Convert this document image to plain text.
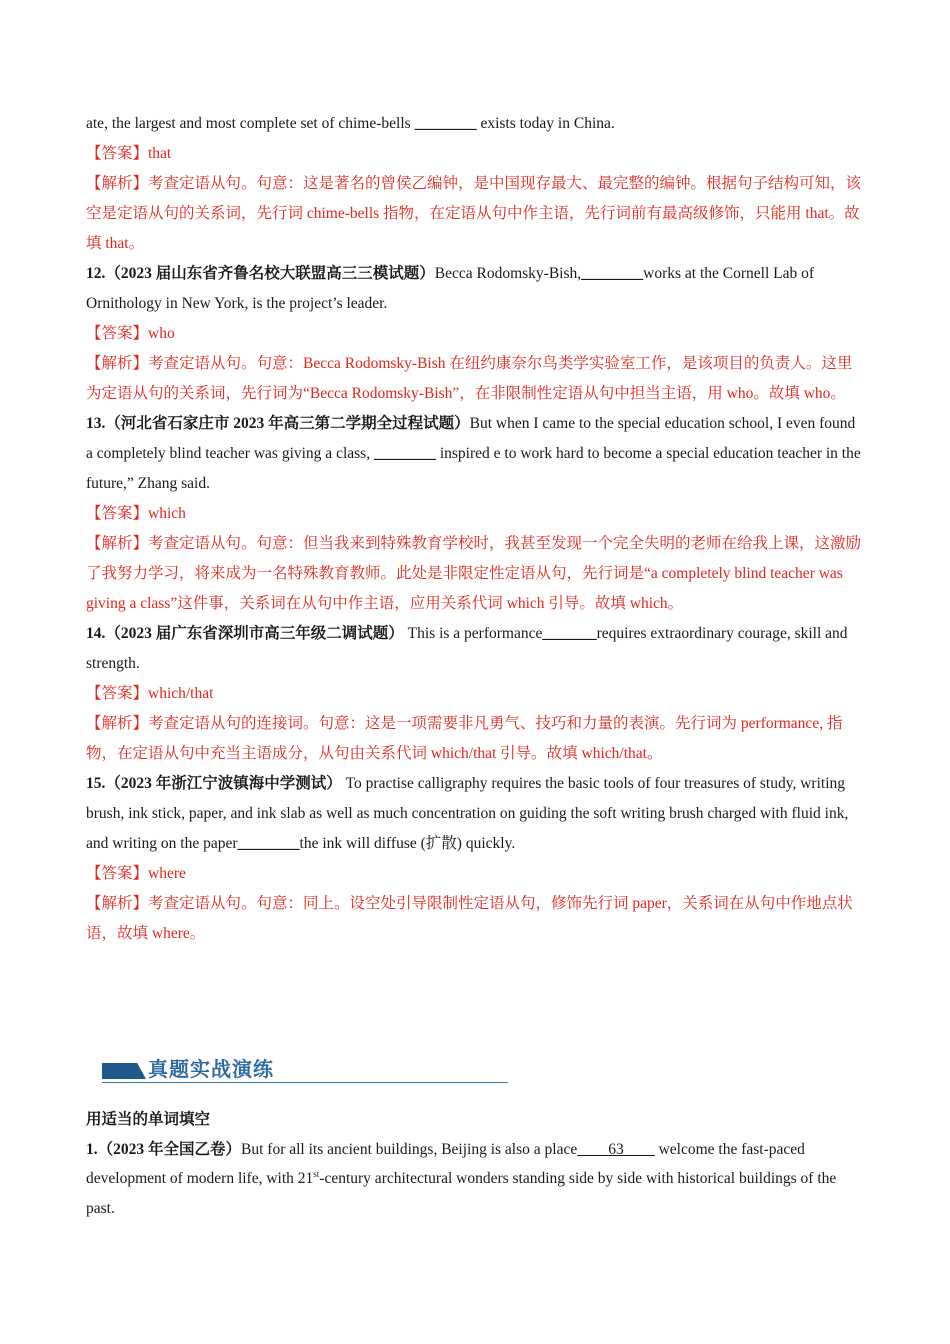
ate, the largest and most complete set of chime-bells ________ exists today in China.

【答案】that

【解析】考查定语从句。句意：这是著名的曾侯乙编钟，是中国现存最大、最完整的编钟。根据句子结构可知，该空是定语从句的关系词，先行词 chime-bells 指物，在定语从句中作主语，先行词前有最高级修饰，只能用 that。故填 that。

12.（2023 届山东省齐鲁名校大联盟高三三模试题）Becca Rodomsky-Bish,________works at the Cornell Lab of Ornithology in New York, is the project’s leader.

【答案】who

【解析】考查定语从句。句意：Becca Rodomsky-Bish 在纽约康奈尔鸟类学实验室工作，是该项目的负责人。这里为定语从句的关系词，先行词为“Becca Rodomsky-Bish”，在非限制性定语从句中担当主语，用 who。故填 who。

13.（河北省石家庄市 2023 年高三第二学期全过程试题）But when I came to the special education school, I even found a completely blind teacher was giving a class, ________ inspired e to work hard to become a special education teacher in the future,” Zhang said.

【答案】which

【解析】考查定语从句。句意：但当我来到特殊教育学校时，我甚至发现一个完全失明的老师在给我上课，这激励了我努力学习，将来成为一名特殊教育教师。此处是非限定性定语从句，先行词是“a completely blind teacher was giving a class”这件事，关系词在从句中作主语，应用关系代词 which 引导。故填 which。

14.（2023 届广东省深圳市高三年级二调试题） This is a performance_______requires extraordinary courage, skill and strength.

【答案】which/that

【解析】考查定语从句的连接词。句意：这是一项需要非凡勇气、技巧和力量的表演。先行词为 performance, 指物，在定语从句中充当主语成分，从句由关系代词 which/that 引导。故填 which/that。

15.（2023 年浙江宁波镇海中学测试） To practise calligraphy requires the basic tools of four treasures of study, writing brush, ink stick, paper, and ink slab as well as much concentration on guiding the soft writing brush charged with fluid ink, and writing on the paper________the ink will diffuse (扩散) quickly.

【答案】where

【解析】考查定语从句。句意：同上。设空处引导限制性定语从句，修饰先行词 paper，关系词在从句中作地点状语，故填 where。

真题实战演练

用适当的单词填空

1.（2023 年全国乙卷）But for all its ancient buildings, Beijing is also a place____63____ welcome the fast-paced development of modern life, with 21st-century architectural wonders standing side by side with historical buildings of the past.
